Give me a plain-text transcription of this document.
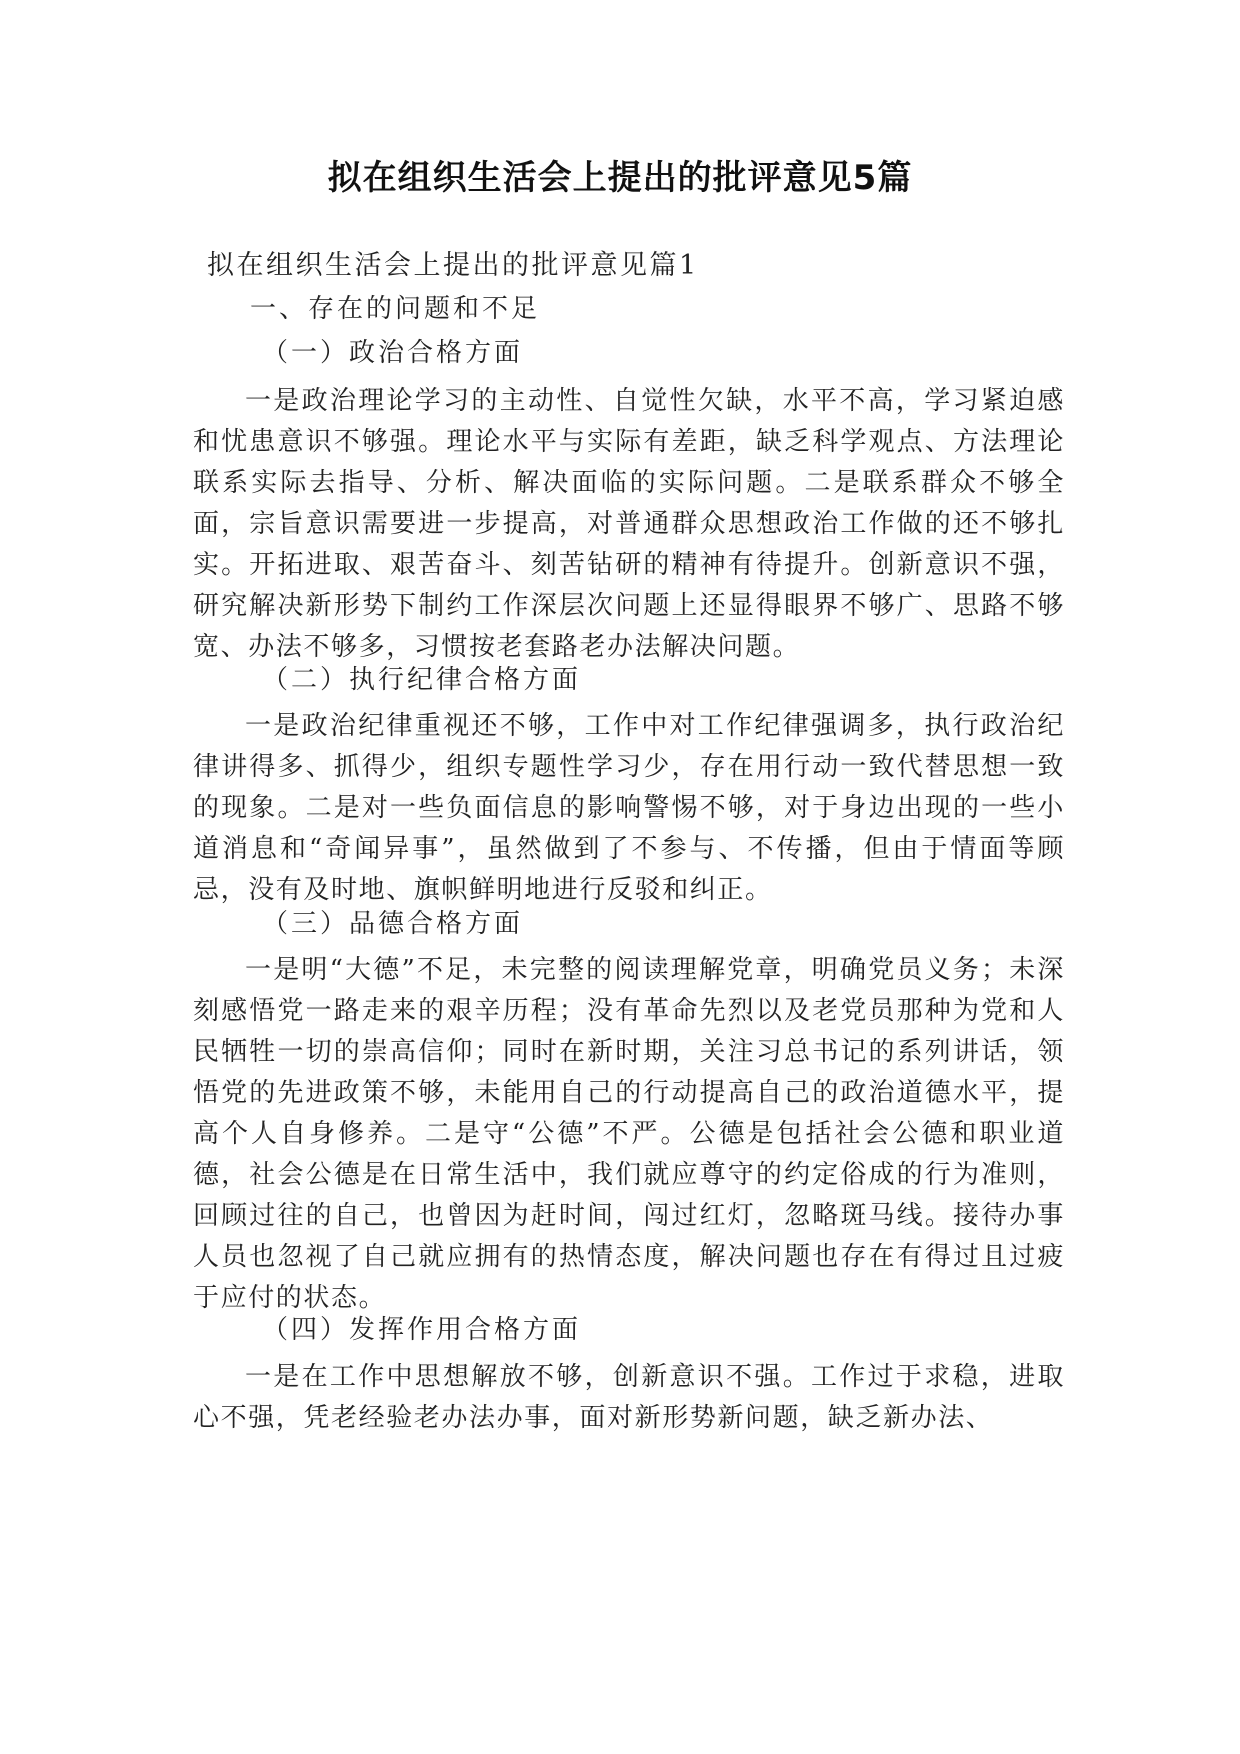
拟在组织生活会上提出的批评意见5篇
拟在组织生活会上提出的批评意见篇1
一、存在的问题和不足
（一）政治合格方面

一是政治理论学习的主动性、自觉性欠缺，水平不高，学习紧迫感和忧患意识不够强。理论水平与实际有差距，缺乏科学观点、方法理论联系实际去指导、分析、解决面临的实际问题。二是联系群众不够全面，宗旨意识需要进一步提高，对普通群众思想政治工作做的还不够扎实。开拓进取、艰苦奋斗、刻苦钻研的精神有待提升。创新意识不强，研究解决新形势下制约工作深层次问题上还显得眼界不够广、思路不够宽、办法不够多，习惯按老套路老办法解决问题。

（二）执行纪律合格方面

一是政治纪律重视还不够，工作中对工作纪律强调多，执行政治纪律讲得多、抓得少，组织专题性学习少，存在用行动一致代替思想一致的现象。二是对一些负面信息的影响警惕不够，对于身边出现的一些小道消息和“奇闻异事”，虽然做到了不参与、不传播，但由于情面等顾忌，没有及时地、旗帜鲜明地进行反驳和纠正。

（三）品德合格方面

一是明“大德”不足，未完整的阅读理解党章，明确党员义务；未深刻感悟党一路走来的艰辛历程；没有革命先烈以及老党员那种为党和人民牺牲一切的崇高信仰；同时在新时期，关注习总书记的系列讲话，领悟党的先进政策不够，未能用自己的行动提高自己的政治道德水平，提高个人自身修养。二是守“公德”不严。公德是包括社会公德和职业道德，社会公德是在日常生活中，我们就应尊守的约定俗成的行为准则，回顾过往的自己，也曾因为赶时间，闯过红灯，忽略斑马线。接待办事人员也忽视了自己就应拥有的热情态度，解决问题也存在有得过且过疲于应付的状态。

（四）发挥作用合格方面

一是在工作中思想解放不够，创新意识不强。工作过于求稳，进取心不强，凭老经验老办法办事，面对新形势新问题，缺乏新办法、
